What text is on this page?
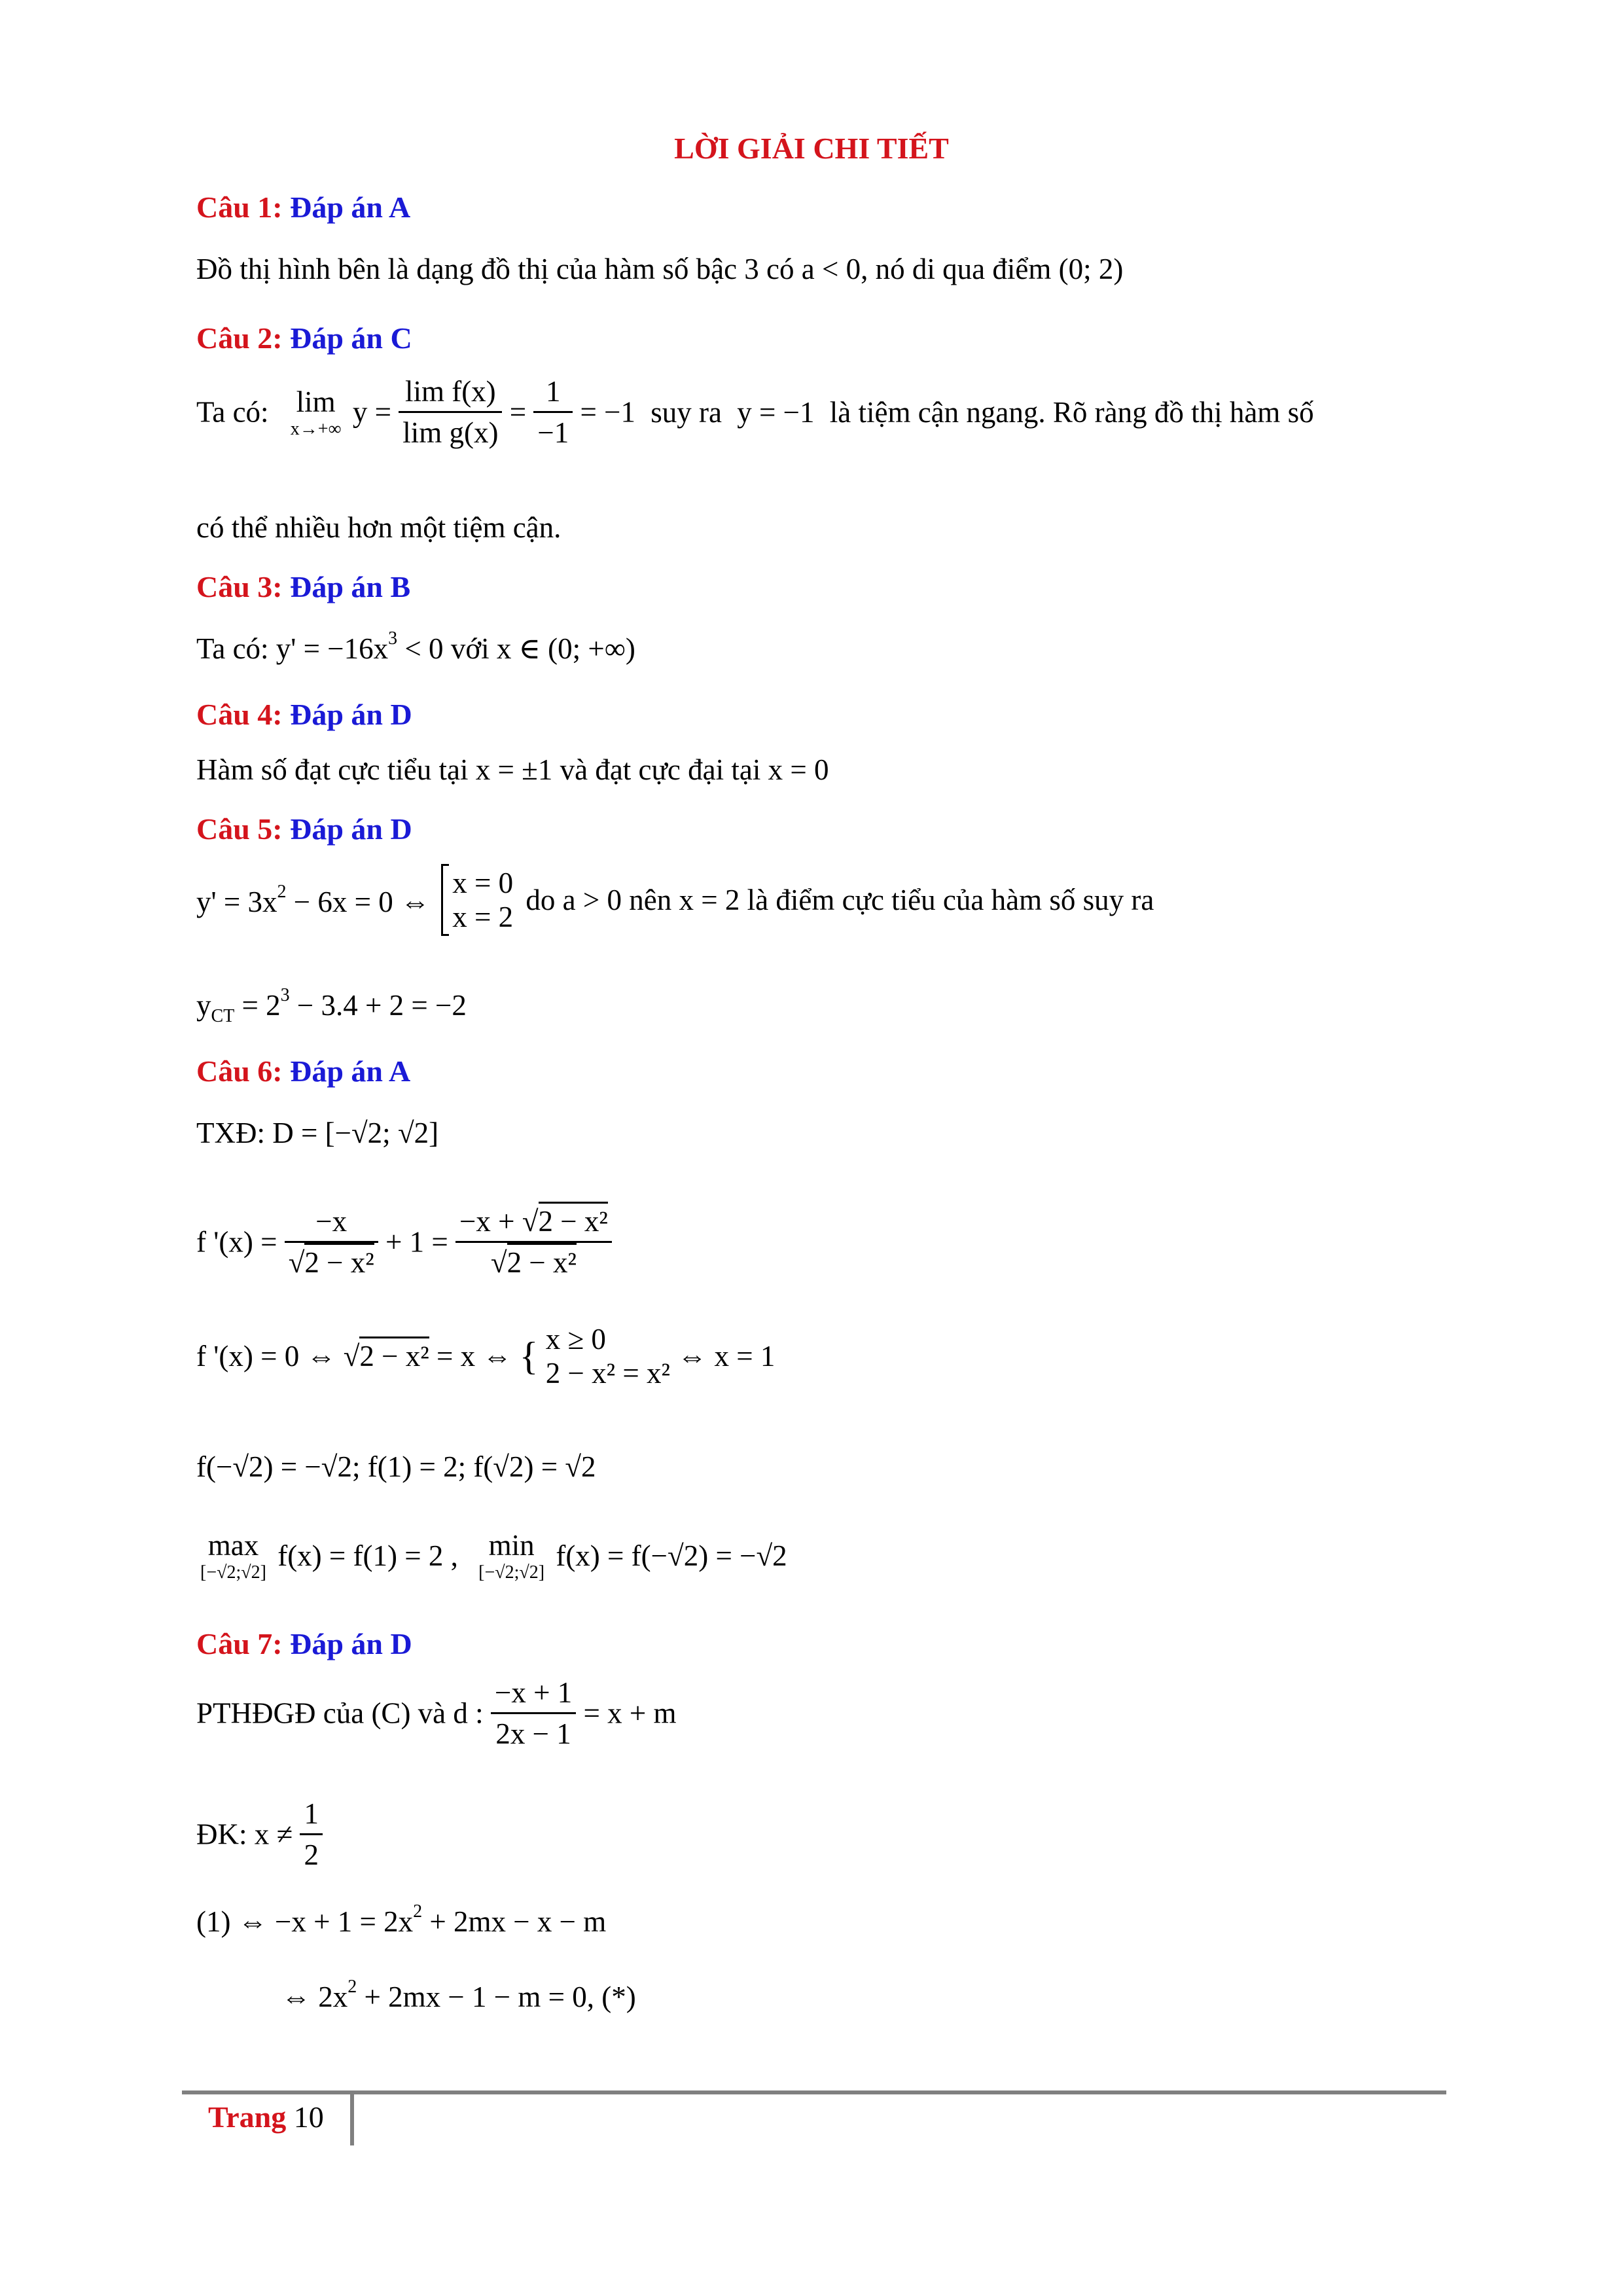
LỜI GIẢI CHI TIẾT
Câu 1: Đáp án A
Đồ thị hình bên là dạng đồ thị của hàm số bậc 3 có a < 0, nó di qua điểm (0; 2)
Câu 2: Đáp án C
Ta có: lim
x→+∞
$y = \frac{\text{lim f(x)}}{\text{lim g(x)}} = \frac{1}{-1} = -1$ suy ra y = −1 là tiệm cận ngang. Rõ ràng đồ thị hàm số
có thể nhiều hơn một tiệm cận.
Câu 3: Đáp án B
Ta có: $y' = -16x^3 < 0$ với x ∈ (0; +∞)
Câu 4: Đáp án D
Hàm số đạt cực tiểu tại x = ±1 và đạt cực đại tại x = 0
Câu 5: Đáp án D
$y' = 3x^2 - 6x = 0$ ⇔
x = 0
x = 2
do a > 0 nên x = 2 là điểm cực tiểu của hàm số suy ra
$y_{CT} = 2^3 - 3.4 + 2 = -2$
Câu 6: Đáp án A
TXĐ: D = [−√2; √2]
f '$(x) = \frac{-x}{\text{√2 − x²}} + 1 = \frac{\text{−x + √2 − x²}}{\text{√2 − x²}}$
f '(x) = 0 ⇔ √2 − x² = x ⇔ { x ≥ 0
2 − x² = x²
⇔ x = 1
f(−√2) = −√2; f(1) = 2; f(√2) = √2
max
[−√2;√2]
f(x) = f(1) = 2 ,	min
[−√2;√2]
f(x) = f(−√2) = −√2
Câu 7: Đáp án D
PTHĐGĐ của (C) và d : $\frac{-x + 1}{2x - 1} = x + m$
ĐK: $x \ne \frac{1}{2}$
(1) ⇔ $-x + 1 = 2x^2 + 2mx - x - m$
⇔ $2x^2 + 2mx - 1 - m = 0$, (*)
Trang 10
